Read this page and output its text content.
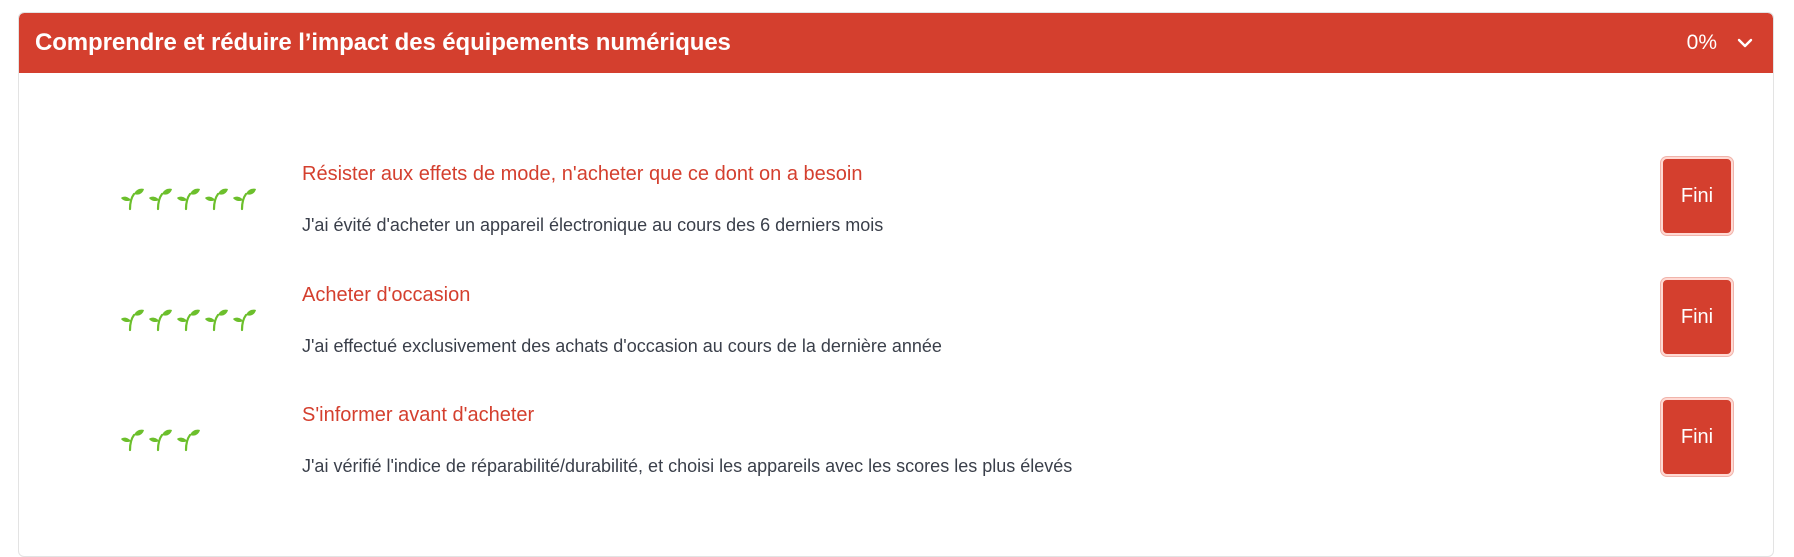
Comprendre et réduire l’impact des équipements numériques	0%
Résister aux effets de mode, n'acheter que ce dont on a besoin
J'ai évité d'acheter un appareil électronique au cours des 6 derniers mois
Fini
Acheter d'occasion
J'ai effectué exclusivement des achats d'occasion au cours de la dernière année
Fini
S'informer avant d'acheter
J'ai vérifié l'indice de réparabilité/durabilité, et choisi les appareils avec les scores les plus élevés
Fini
